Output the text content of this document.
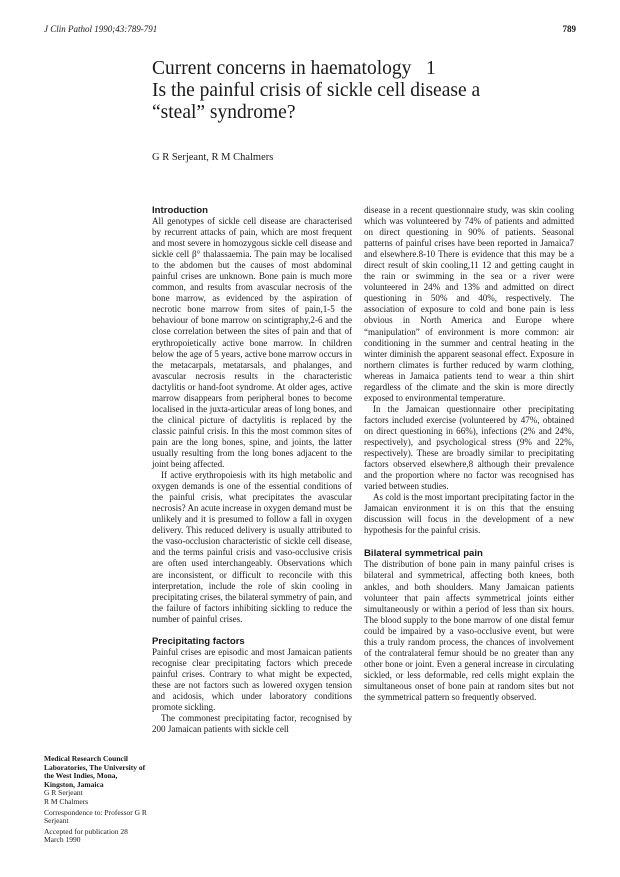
J Clin Pathol 1990;43:789-791	789
Current concerns in haematology   1
Is the painful crisis of sickle cell disease a
“steal” syndrome?
G R Serjeant, R M Chalmers
Introduction

All genotypes of sickle cell disease are characterised by recurrent attacks of pain, which are most frequent and most severe in homozygous sickle cell disease and sickle cell β° thalassaemia. The pain may be localised to the abdomen but the causes of most abdominal painful crises are unknown. Bone pain is much more common, and results from avascular necrosis of the bone marrow, as evidenced by the aspiration of necrotic bone marrow from sites of pain,1-5 the behaviour of bone marrow on scintigraphy,2-6 and the close correlation between the sites of pain and that of erythropoietically active bone marrow. In children below the age of 5 years, active bone marrow occurs in the metacarpals, metatarsals, and phalanges, and avascular necrosis results in the characteristic dactylitis or hand-foot syndrome. At older ages, active marrow disappears from peripheral bones to become localised in the juxta-articular areas of long bones, and the clinical picture of dactylitis is replaced by the classic painful crisis. In this the most common sites of pain are the long bones, spine, and joints, the latter usually resulting from the long bones adjacent to the joint being affected.

If active erythropoiesis with its high metabolic and oxygen demands is one of the essential conditions of the painful crisis, what precipitates the avascular necrosis? An acute increase in oxygen demand must be unlikely and it is presumed to follow a fall in oxygen delivery. This reduced delivery is usually attributed to the vaso-occlusion characteristic of sickle cell disease, and the terms painful crisis and vaso-occlusive crisis are often used interchangeably. Observations which are inconsistent, or difficult to reconcile with this interpretation, include the role of skin cooling in precipitating crises, the bilateral symmetry of pain, and the failure of factors inhibiting sickling to reduce the number of painful crises.

Precipitating factors

Painful crises are episodic and most Jamaican patients recognise clear precipitating factors which precede painful crises. Contrary to what might be expected, these are not factors such as lowered oxygen tension and acidosis, which under laboratory conditions promote sickling.

The commonest precipitating factor, recognised by 200 Jamaican patients with sickle cell

disease in a recent questionnaire study, was skin cooling which was volunteered by 74% of patients and admitted on direct questioning in 90% of patients. Seasonal patterns of painful crises have been reported in Jamaica7 and elsewhere.8-10 There is evidence that this may be a direct result of skin cooling,11 12 and getting caught in the rain or swimming in the sea or a river were volunteered in 24% and 13% and admitted on direct questioning in 50% and 40%, respectively. The association of exposure to cold and bone pain is less obvious in North America and Europe where “manipulation” of environment is more common: air conditioning in the summer and central heating in the winter diminish the apparent seasonal effect. Exposure in northern climates is further reduced by warm clothing, whereas in Jamaica patients tend to wear a thin shirt regardless of the climate and the skin is more directly exposed to environmental temperature.

In the Jamaican questionnaire other precipitating factors included exercise (volunteered by 47%, obtained on direct questioning in 66%), infections (2% and 24%, respectively), and psychological stress (9% and 22%, respectively). These are broadly similar to precipitating factors observed elsewhere,8 although their prevalence and the proportion where no factor was recognised has varied between studies.

As cold is the most important precipitating factor in the Jamaican environment it is on this that the ensuing discussion will focus in the development of a new hypothesis for the painful crisis.

Bilateral symmetrical pain

The distribution of bone pain in many painful crises is bilateral and symmetrical, affecting both knees, both ankles, and both shoulders. Many Jamaican patients volunteer that pain affects symmetrical joints either simultaneously or within a period of less than six hours. The blood supply to the bone marrow of one distal femur could be impaired by a vaso-occlusive event, but were this a truly random process, the chances of involvement of the contralateral femur should be no greater than any other bone or joint. Even a general increase in circulating sickled, or less deformable, red cells might explain the simultaneous onset of bone pain at random sites but not the symmetrical pattern so frequently observed.

Medical Research Council Laboratories, The University of the West Indies, Mona, Kingston, Jamaica
G R Serjeant
R M Chalmers
Correspondence to: Professor G R Serjeant
Accepted for publication 28 March 1990
